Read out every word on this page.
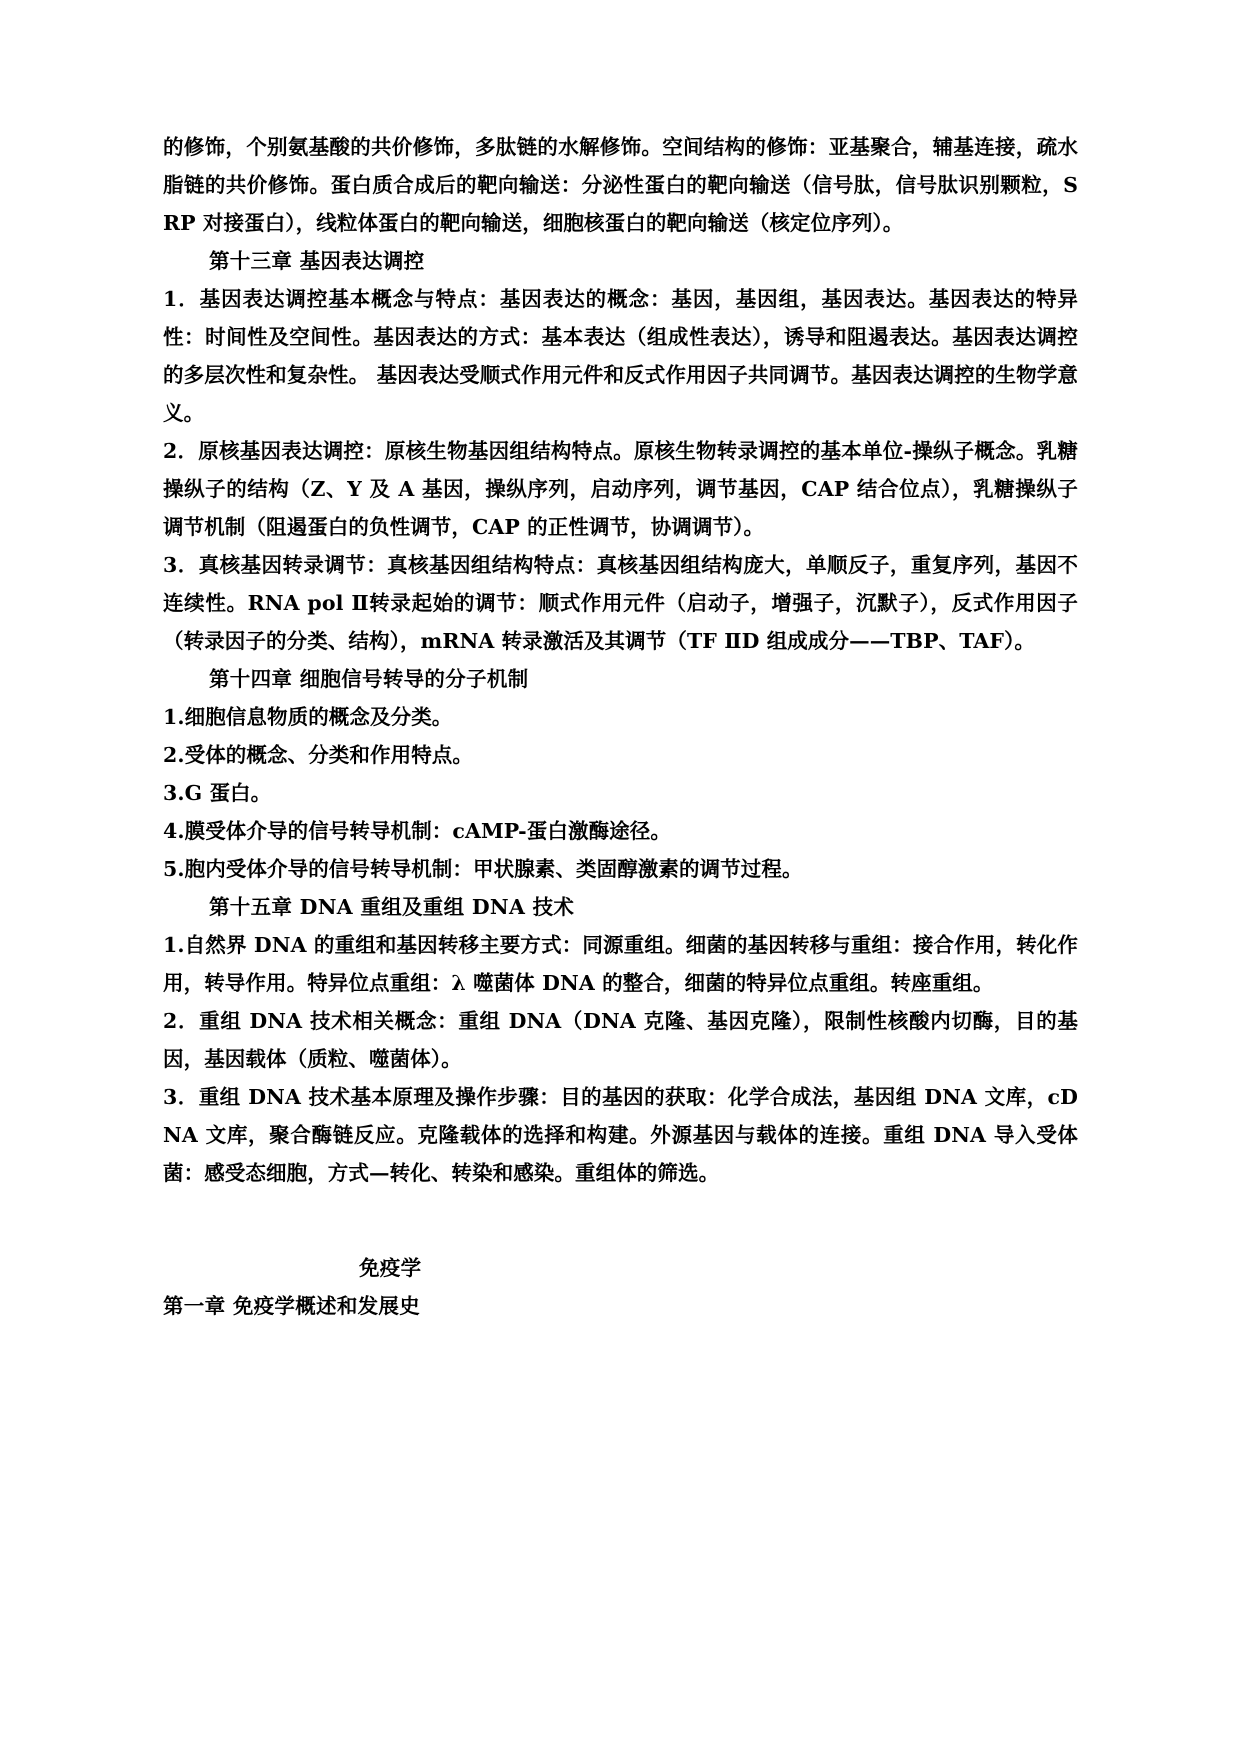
的修饰，个别氨基酸的共价修饰，多肽链的水解修饰。空间结构的修饰：亚基聚合，辅基连接，疏水脂链的共价修饰。蛋白质合成后的靶向输送：分泌性蛋白的靶向输送（信号肽，信号肽识别颗粒，SRP 对接蛋白），线粒体蛋白的靶向输送，细胞核蛋白的靶向输送（核定位序列）。

第十三章 基因表达调控

1．基因表达调控基本概念与特点：基因表达的概念：基因，基因组，基因表达。基因表达的特异性：时间性及空间性。基因表达的方式：基本表达（组成性表达），诱导和阻遏表达。基因表达调控的多层次性和复杂性。 基因表达受顺式作用元件和反式作用因子共同调节。基因表达调控的生物学意义。

2．原核基因表达调控：原核生物基因组结构特点。原核生物转录调控的基本单位-操纵子概念。乳糖操纵子的结构（Z、Y 及 A 基因，操纵序列，启动序列，调节基因，CAP 结合位点），乳糖操纵子调节机制（阻遏蛋白的负性调节，CAP 的正性调节，协调调节）。

3．真核基因转录调节：真核基因组结构特点：真核基因组结构庞大，单顺反子，重复序列，基因不连续性。RNA pol Ⅱ转录起始的调节：顺式作用元件（启动子，增强子，沉默子），反式作用因子（转录因子的分类、结构），mRNA 转录激活及其调节（TF ⅡD 组成成分——TBP、TAF）。

第十四章 细胞信号转导的分子机制

1.细胞信息物质的概念及分类。

2.受体的概念、分类和作用特点。

3.G 蛋白。

4.膜受体介导的信号转导机制：cAMP-蛋白激酶途径。

5.胞内受体介导的信号转导机制：甲状腺素、类固醇激素的调节过程。

第十五章 DNA 重组及重组 DNA 技术

1.自然界 DNA 的重组和基因转移主要方式：同源重组。细菌的基因转移与重组：接合作用，转化作用，转导作用。特异位点重组：λ 噬菌体 DNA 的整合，细菌的特异位点重组。转座重组。

2．重组 DNA 技术相关概念：重组 DNA（DNA 克隆、基因克隆），限制性核酸内切酶，目的基因，基因载体（质粒、噬菌体）。

3．重组 DNA 技术基本原理及操作步骤：目的基因的获取：化学合成法，基因组 DNA 文库，cDNA 文库，聚合酶链反应。克隆载体的选择和构建。外源基因与载体的连接。重组 DNA 导入受体菌：感受态细胞，方式—转化、转染和感染。重组体的筛选。

免疫学
第一章 免疫学概述和发展史
